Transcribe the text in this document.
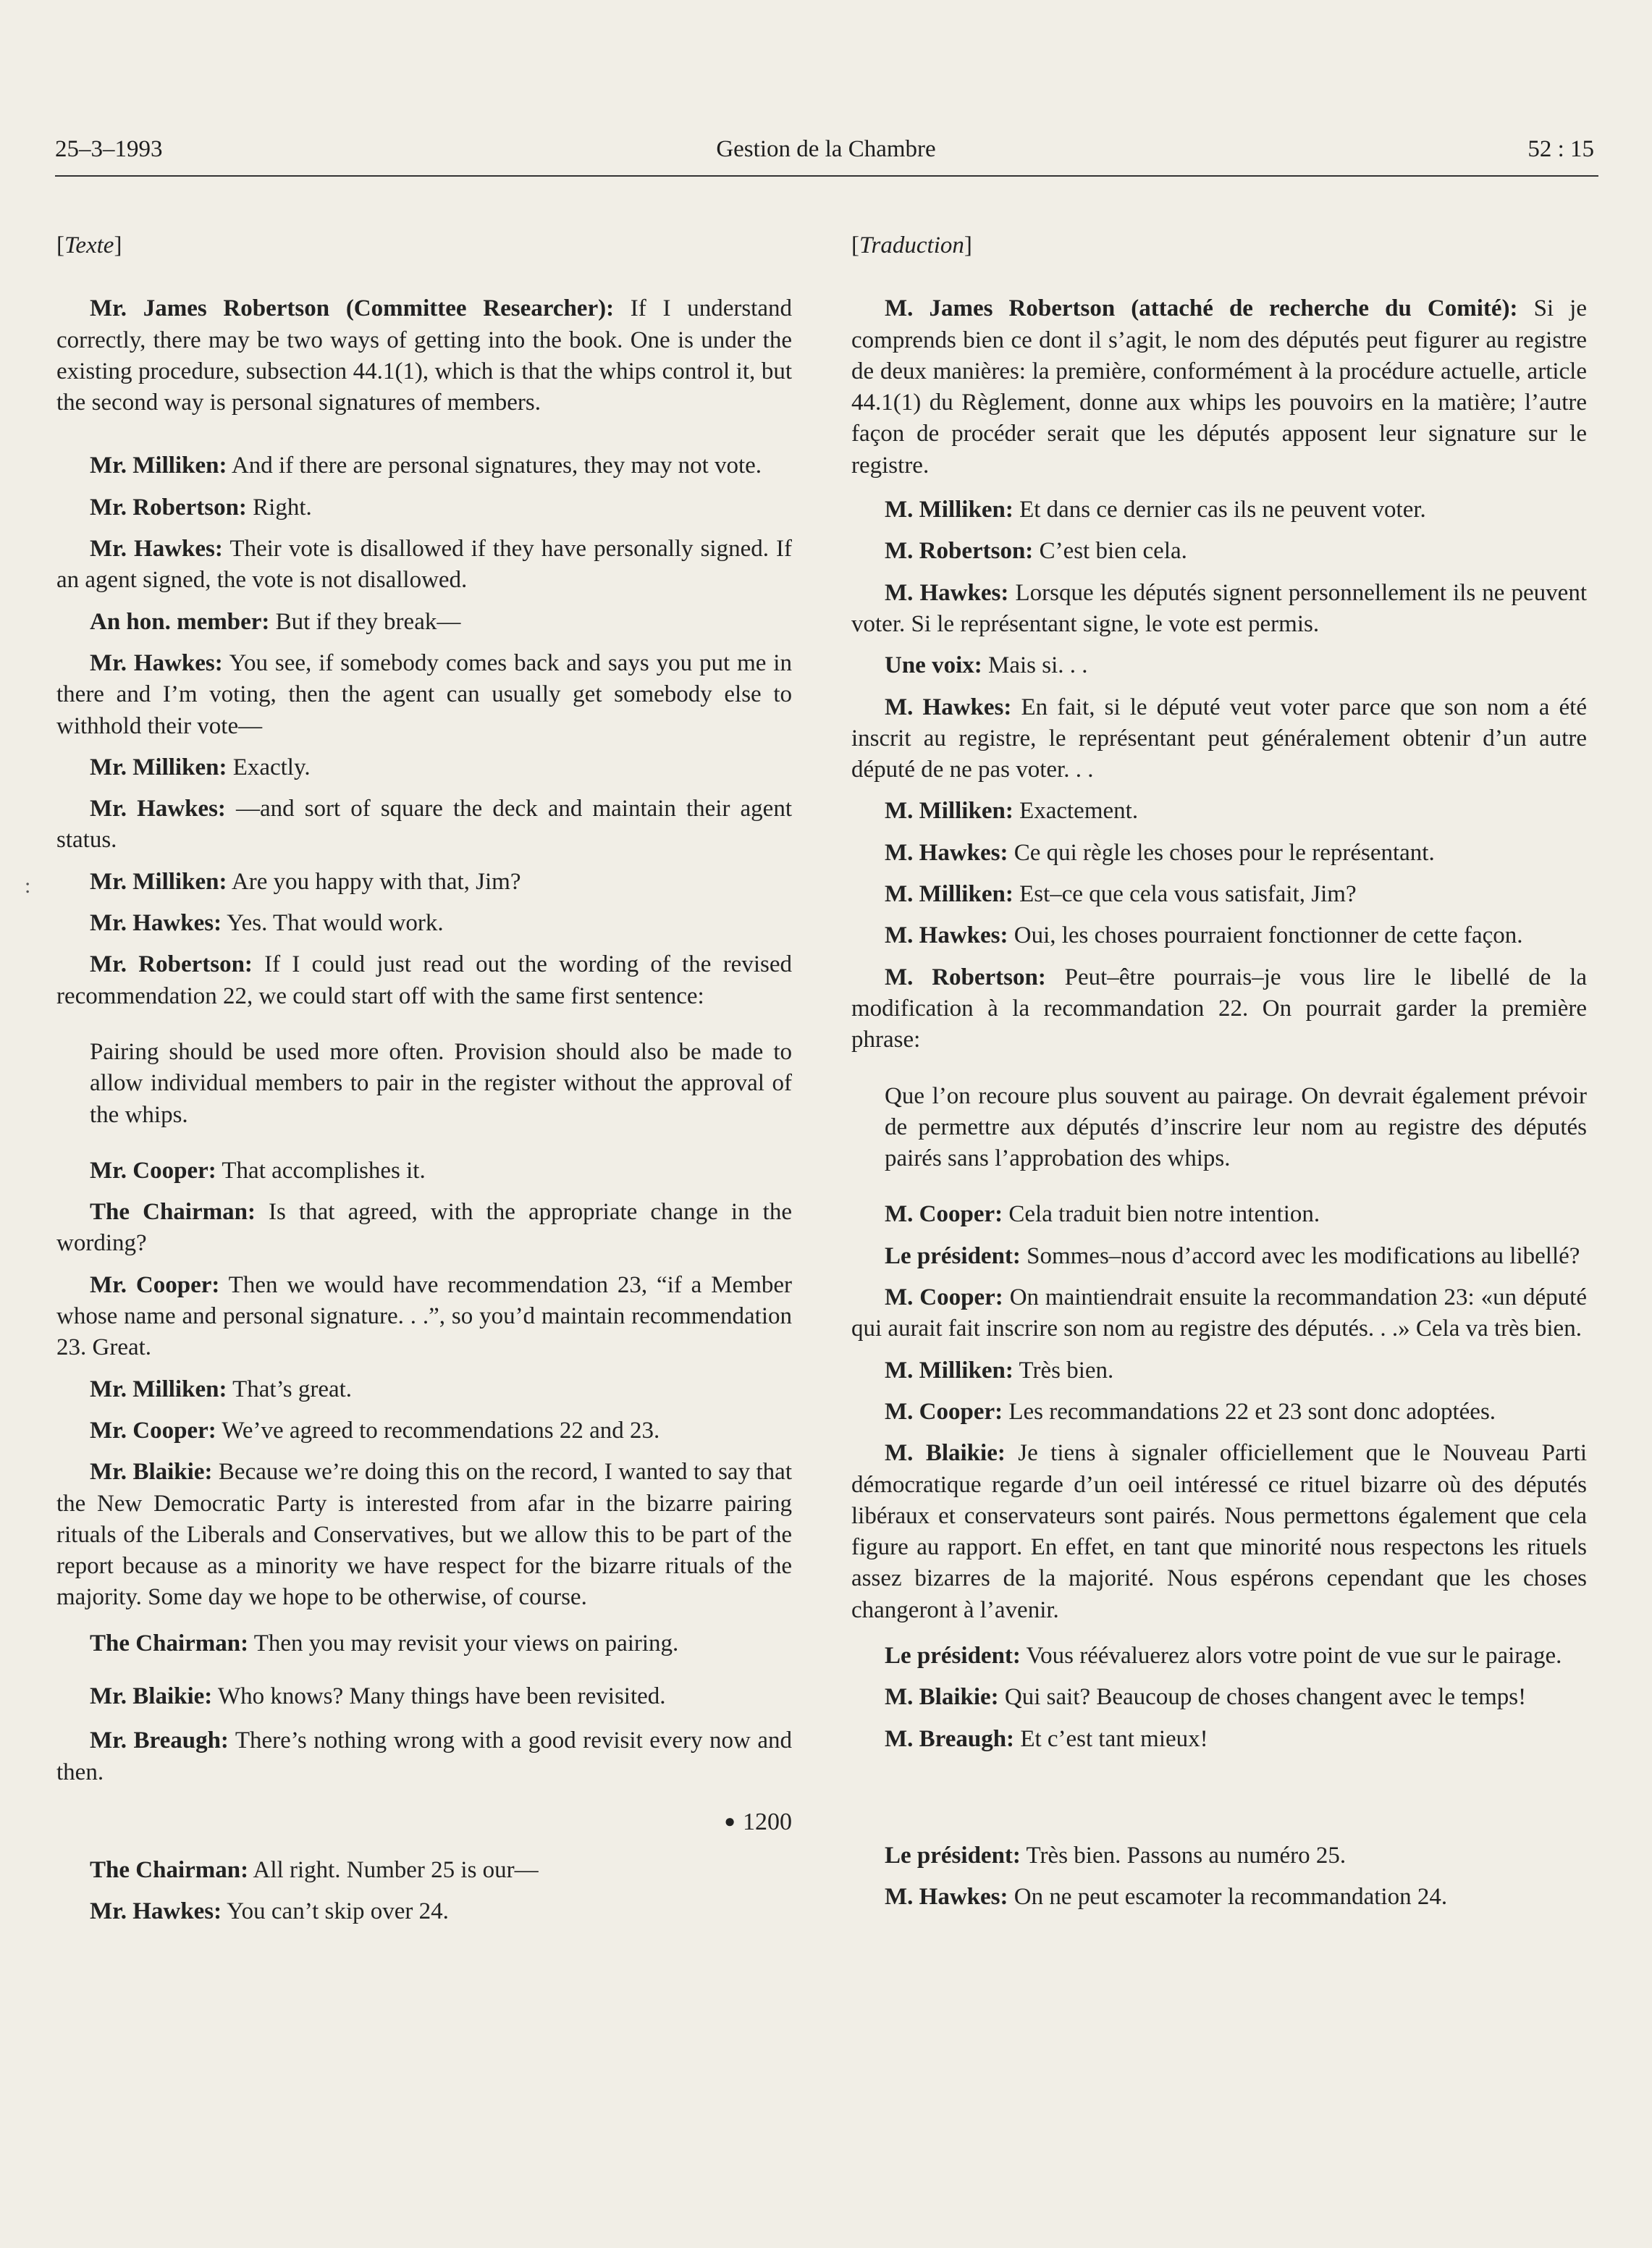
25–3–1993	Gestion de la Chambre	52 : 15
:
[Texte]

Mr. James Robertson (Committee Researcher): If I understand correctly, there may be two ways of getting into the book. One is under the existing procedure, subsection 44.1(1), which is that the whips control it, but the second way is personal signatures of members.

Mr. Milliken: And if there are personal signatures, they may not vote.

Mr. Robertson: Right.

Mr. Hawkes: Their vote is disallowed if they have personally signed. If an agent signed, the vote is not disallowed.

An hon. member: But if they break—

Mr. Hawkes: You see, if somebody comes back and says you put me in there and I’m voting, then the agent can usually get somebody else to withhold their vote—

Mr. Milliken: Exactly.

Mr. Hawkes: —and sort of square the deck and maintain their agent status.

Mr. Milliken: Are you happy with that, Jim?

Mr. Hawkes: Yes. That would work.

Mr. Robertson: If I could just read out the wording of the revised recommendation 22, we could start off with the same first sentence:

Pairing should be used more often. Provision should also be made to allow individual members to pair in the register without the approval of the whips.

Mr. Cooper: That accomplishes it.

The Chairman: Is that agreed, with the appropriate change in the wording?

Mr. Cooper: Then we would have recommendation 23, “if a Member whose name and personal signature. . .”, so you’d maintain recommendation 23. Great.

Mr. Milliken: That’s great.

Mr. Cooper: We’ve agreed to recommendations 22 and 23.

Mr. Blaikie: Because we’re doing this on the record, I wanted to say that the New Democratic Party is interested from afar in the bizarre pairing rituals of the Liberals and Conservatives, but we allow this to be part of the report because as a minority we have respect for the bizarre rituals of the majority. Some day we hope to be otherwise, of course.

The Chairman: Then you may revisit your views on pairing.

Mr. Blaikie: Who knows? Many things have been revisited.

Mr. Breaugh: There’s nothing wrong with a good revisit every now and then.

● 1200

The Chairman: All right. Number 25 is our—

Mr. Hawkes: You can’t skip over 24.

[Traduction]

M. James Robertson (attaché de recherche du Comité): Si je comprends bien ce dont il s’agit, le nom des députés peut figurer au registre de deux manières: la première, conformément à la procédure actuelle, article 44.1(1) du Règlement, donne aux whips les pouvoirs en la matière; l’autre façon de procéder serait que les députés apposent leur signature sur le registre.

M. Milliken: Et dans ce dernier cas ils ne peuvent voter.

M. Robertson: C’est bien cela.

M. Hawkes: Lorsque les députés signent personnellement ils ne peuvent voter. Si le représentant signe, le vote est permis.

Une voix: Mais si. . .

M. Hawkes: En fait, si le député veut voter parce que son nom a été inscrit au registre, le représentant peut généralement obtenir d’un autre député de ne pas voter. . .

M. Milliken: Exactement.

M. Hawkes: Ce qui règle les choses pour le représentant.

M. Milliken: Est–ce que cela vous satisfait, Jim?

M. Hawkes: Oui, les choses pourraient fonctionner de cette façon.

M. Robertson: Peut–être pourrais–je vous lire le libellé de la modification à la recommandation 22. On pourrait garder la première phrase:

Que l’on recoure plus souvent au pairage. On devrait également prévoir de permettre aux députés d’inscrire leur nom au registre des députés pairés sans l’approbation des whips.

M. Cooper: Cela traduit bien notre intention.

Le président: Sommes–nous d’accord avec les modifications au libellé?

M. Cooper: On maintiendrait ensuite la recommandation 23: «un député qui aurait fait inscrire son nom au registre des députés. . .» Cela va très bien.

M. Milliken: Très bien.

M. Cooper: Les recommandations 22 et 23 sont donc adoptées.

M. Blaikie: Je tiens à signaler officiellement que le Nouveau Parti démocratique regarde d’un oeil intéressé ce rituel bizarre où des députés libéraux et conservateurs sont pairés. Nous permettons également que cela figure au rapport. En effet, en tant que minorité nous respectons les rituels assez bizarres de la majorité. Nous espérons cependant que les choses changeront à l’avenir.

Le président: Vous réévaluerez alors votre point de vue sur le pairage.

M. Blaikie: Qui sait? Beaucoup de choses changent avec le temps!

M. Breaugh: Et c’est tant mieux!

Le président: Très bien. Passons au numéro 25.

M. Hawkes: On ne peut escamoter la recommandation 24.
